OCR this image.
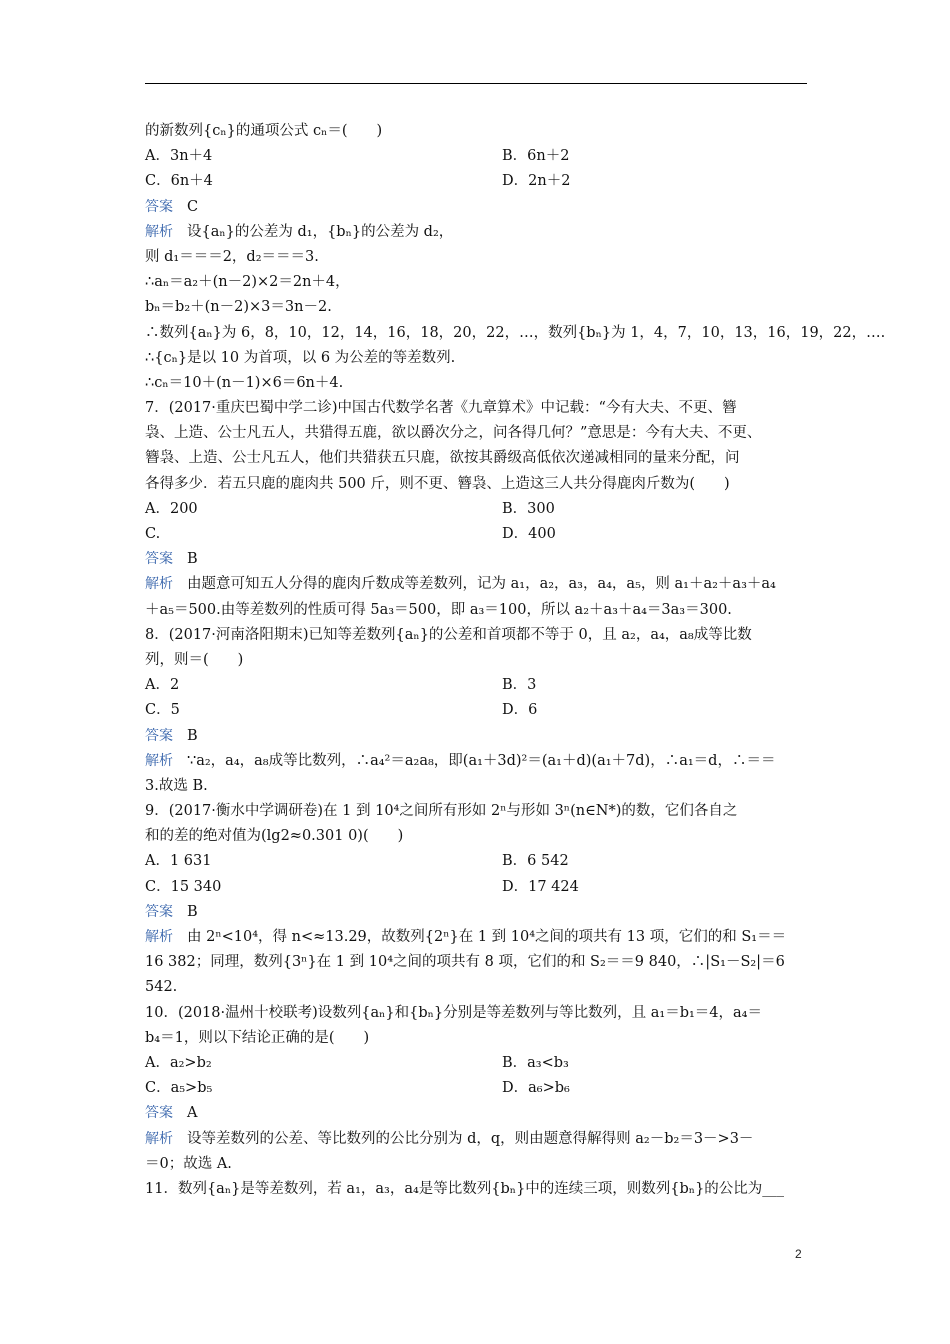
的新数列{cₙ}的通项公式 cₙ＝(　　)
A．3n＋4	B．6n＋2
C．6n＋4	D．2n＋2
答案 C
解析 设{aₙ}的公差为 d₁，{bₙ}的公差为 d₂，
则 d₁＝＝＝2，d₂＝＝＝3.
∴aₙ＝a₂＋(n－2)×2＝2n＋4，
bₙ＝b₂＋(n－2)×3＝3n－2.
∴数列{aₙ}为 6，8，10，12，14，16，18，20，22，…，数列{bₙ}为 1，4，7，10，13，16，19，22，….
∴{cₙ}是以 10 为首项，以 6 为公差的等差数列.
∴cₙ＝10＋(n－1)×6＝6n＋4.
7．(2017·重庆巴蜀中学二诊)中国古代数学名著《九章算术》中记载：“今有大夫、不更、簪
袅、上造、公士凡五人，共猎得五鹿，欲以爵次分之，问各得几何？”意思是：今有大夫、不更、
簪袅、上造、公士凡五人，他们共猎获五只鹿，欲按其爵级高低依次递减相同的量来分配，问
各得多少．若五只鹿的鹿肉共 500 斤，则不更、簪袅、上造这三人共分得鹿肉斤数为(　　)
A．200	B．300
C.	D．400
答案 B
解析 由题意可知五人分得的鹿肉斤数成等差数列，记为 a₁，a₂，a₃，a₄，a₅，则 a₁＋a₂＋a₃＋a₄
＋a₅＝500.由等差数列的性质可得 5a₃＝500，即 a₃＝100，所以 a₂＋a₃＋a₄＝3a₃＝300.
8．(2017·河南洛阳期末)已知等差数列{aₙ}的公差和首项都不等于 0，且 a₂，a₄，a₈成等比数
列，则＝(　　)
A．2	B．3
C．5	D．6
答案 B
解析 ∵a₂，a₄，a₈成等比数列，∴a₄²＝a₂a₈，即(a₁＋3d)²＝(a₁＋d)(a₁＋7d)，∴a₁＝d，∴＝＝
3.故选 B.
9．(2017·衡水中学调研卷)在 1 到 10⁴之间所有形如 2ⁿ与形如 3ⁿ(n∈N*)的数，它们各自之
和的差的绝对值为(lg2≈0.301 0)(　　)
A．1 631	B．6 542
C．15 340	D．17 424
答案 B
解析 由 2ⁿ<10⁴，得 n<≈13.29，故数列{2ⁿ}在 1 到 10⁴之间的项共有 13 项，它们的和 S₁＝＝
16 382；同理，数列{3ⁿ}在 1 到 10⁴之间的项共有 8 项，它们的和 S₂＝＝9 840，∴|S₁－S₂|＝6
542.
10．(2018·温州十校联考)设数列{aₙ}和{bₙ}分别是等差数列与等比数列，且 a₁＝b₁＝4，a₄＝
b₄＝1，则以下结论正确的是(　　)
A．a₂>b₂	B．a₃<b₃
C．a₅>b₅	D．a₆>b₆
答案 A
解析 设等差数列的公差、等比数列的公比分别为 d，q，则由题意得解得则 a₂－b₂＝3－>3－
＝0；故选 A.
11．数列{aₙ}是等差数列，若 a₁，a₃，a₄是等比数列{bₙ}中的连续三项，则数列{bₙ}的公比为___
2
